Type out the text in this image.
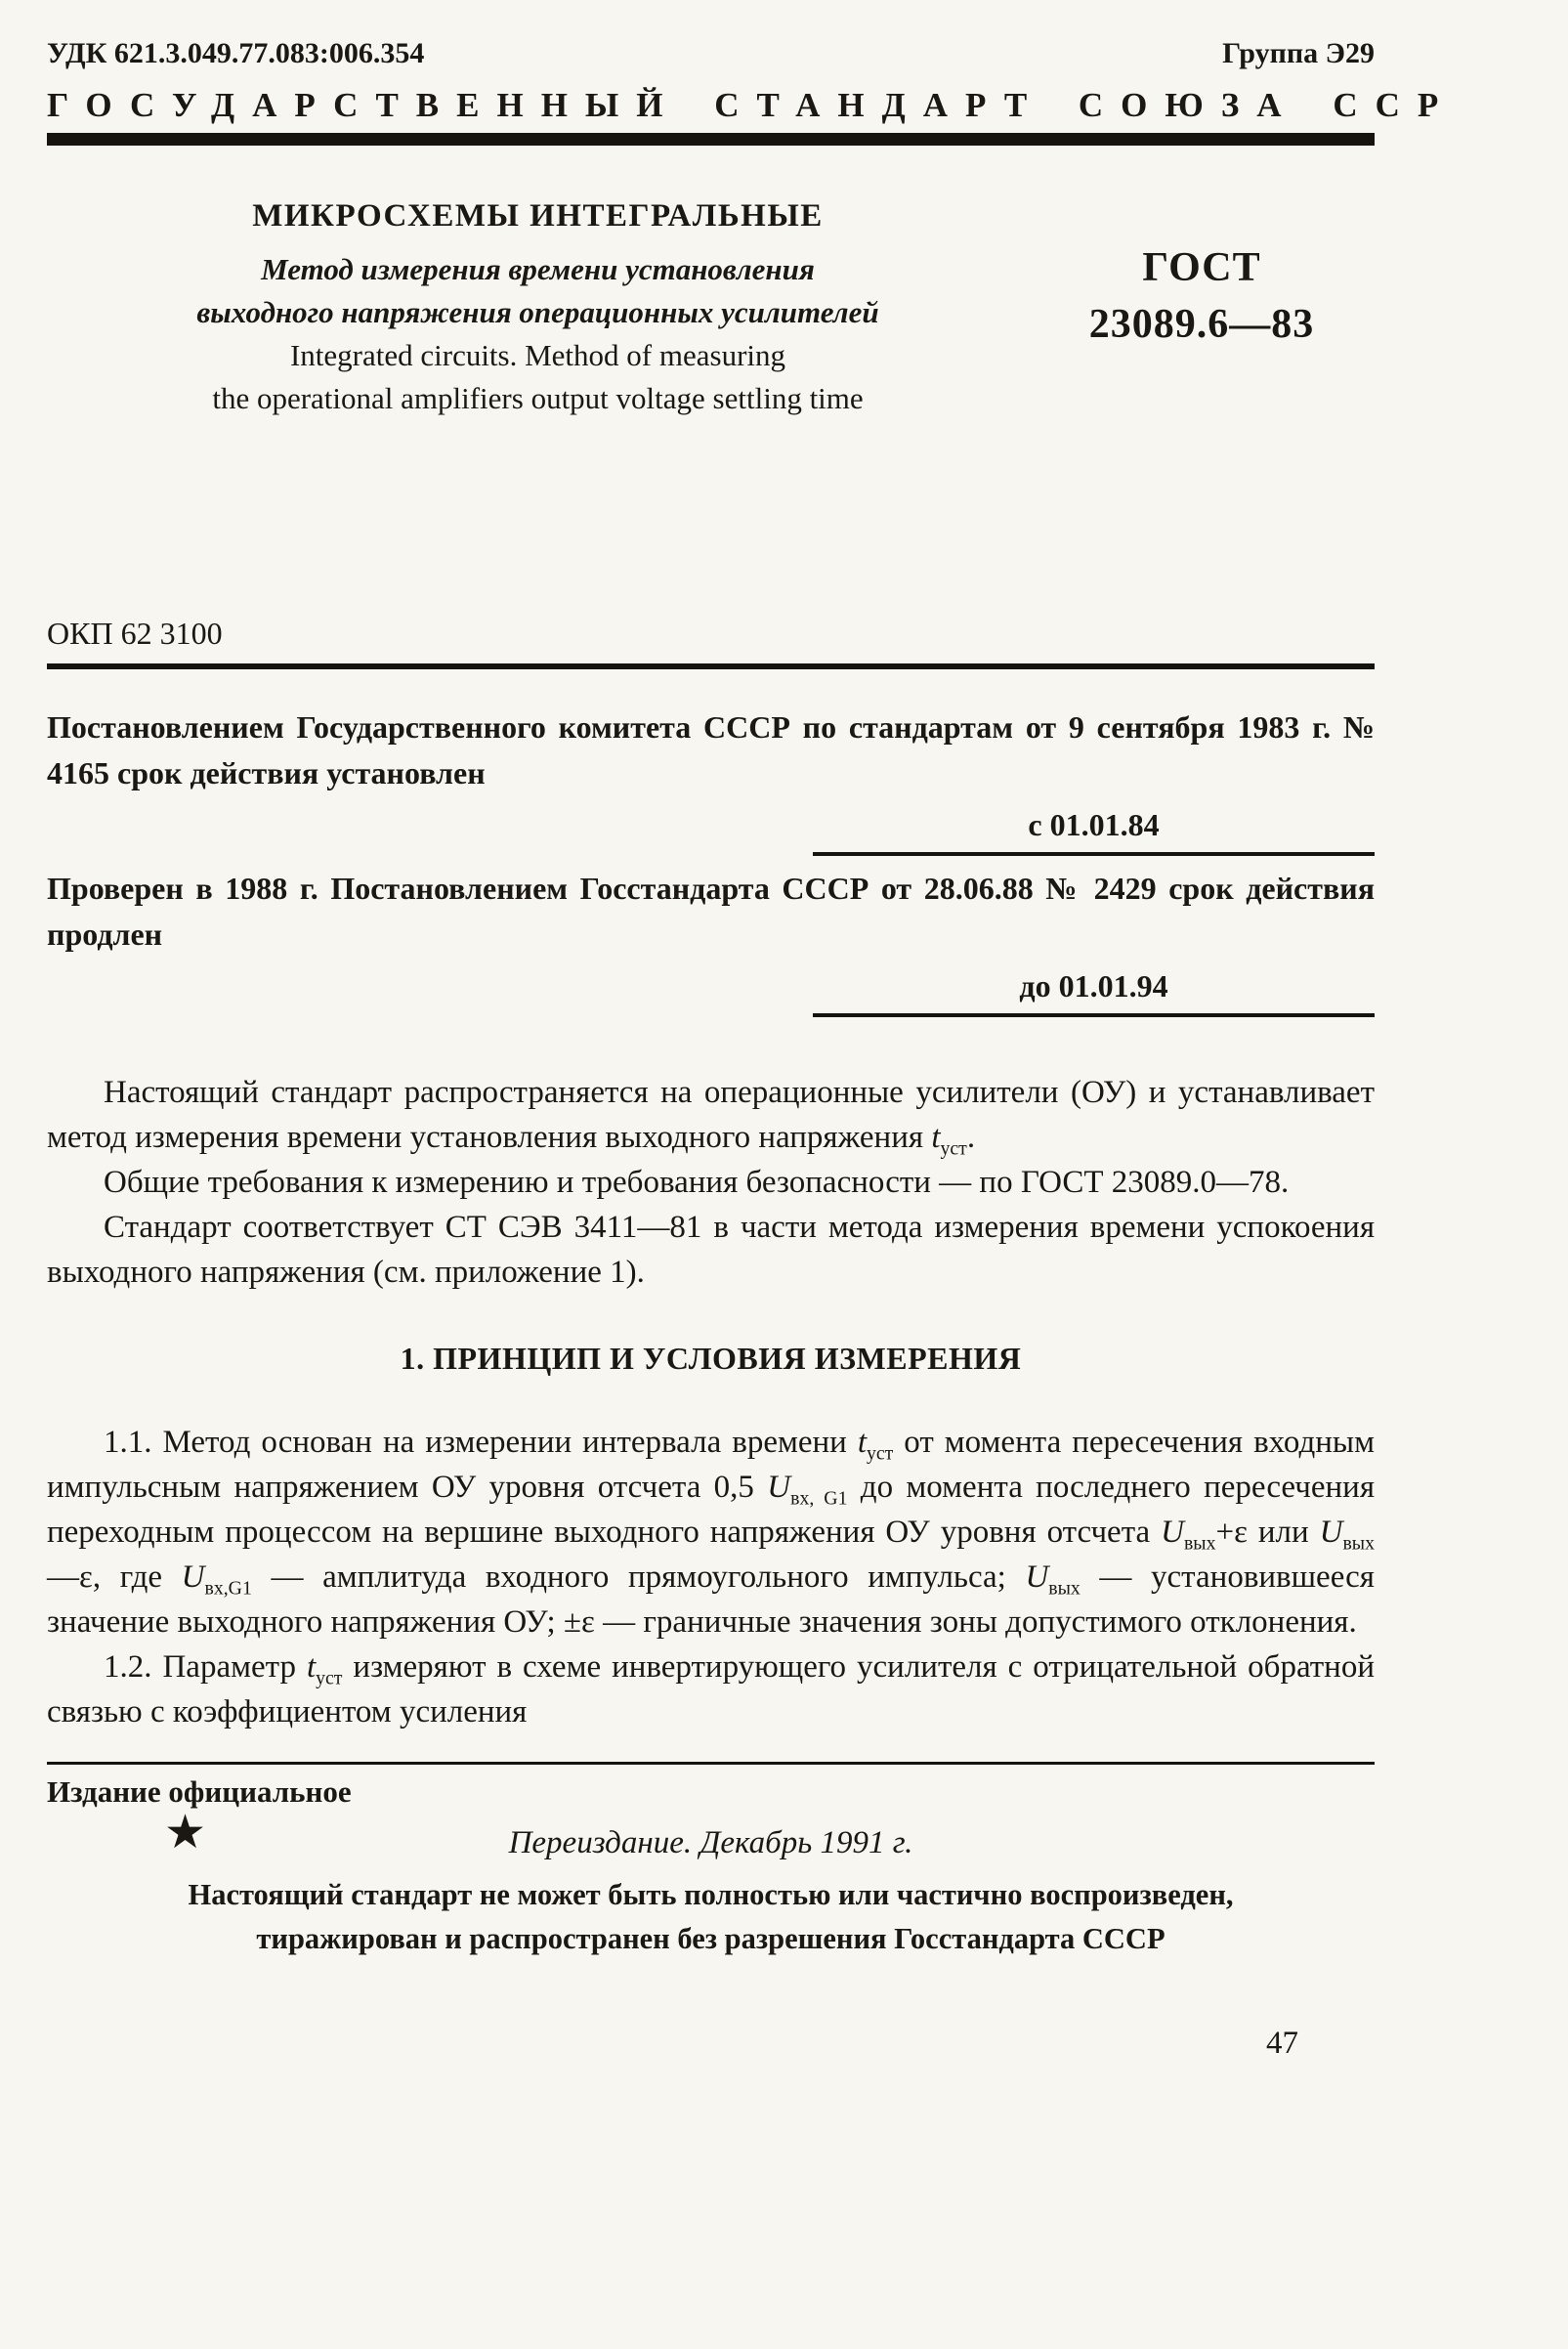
УДК 621.3.049.77.083:006.354	Группа Э29
ГОСУДАРСТВЕННЫЙ СТАНДАРТ СОЮЗА ССР
МИКРОСХЕМЫ ИНТЕГРАЛЬНЫЕ
Метод измерения времени установления
выходного напряжения операционных усилителей
Integrated circuits. Method of measuring
the operational amplifiers output voltage settling time
ГОСТ
23089.6—83
ОКП 62 3100
Постановлением Государственного комитета СССР по стандартам от 9 сентября 1983 г. № 4165 срок действия установлен
с 01.01.84
Проверен в 1988 г. Постановлением Госстандарта СССР от 28.06.88 № 2429 срок действия продлен
до 01.01.94

Настоящий стандарт распространяется на операционные усилители (ОУ) и устанавливает метод измерения времени установления выходного напряжения $t_{уст}$.

Общие требования к измерению и требования безопасности — по ГОСТ 23089.0—78.

Стандарт соответствует СТ СЭВ 3411—81 в части метода измерения времени успокоения выходного напряжения (см. приложение 1).

1. ПРИНЦИП И УСЛОВИЯ ИЗМЕРЕНИЯ

1.1. Метод основан на измерении интервала времени $t_{уст}$ от момента пересечения входным импульсным напряжением ОУ уровня отсчета 0,5 $U_{вх, G1}$ до момента последнего пересечения переходным процессом на вершине выходного напряжения ОУ уровня отсчета $U_{вых}+\varepsilon$ или $U_{вых}—\varepsilon$, где $U_{вх,G1}$ — амплитуда входного прямоугольного импульса; $U_{вых}$ — установившееся значение выходного напряжения ОУ; ±ε — граничные значения зоны допустимого отклонения.

1.2. Параметр $t_{уст}$ измеряют в схеме инвертирующего усилителя с отрицательной обратной связью с коэффициентом усиления

Издание официальное
★	Переиздание. Декабрь 1991 г.
Настоящий стандарт не может быть полностью или частично воспроизведен,
тиражирован и распространен без разрешения Госстандарта СССР
47
